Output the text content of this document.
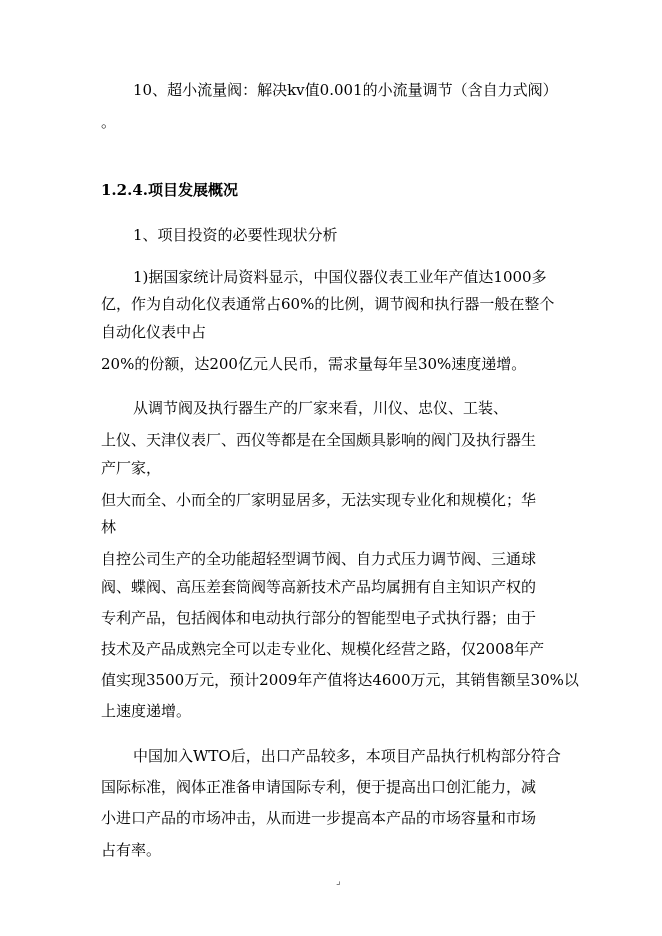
10、超小流量阀：解决kv值0.001的小流量调节（含自力式阀）
。
1.2.4.项目发展概况
1、项目投资的必要性现状分析
1)据国家统计局资料显示，中国仪器仪表工业年产值达1000多
亿，作为自动化仪表通常占60%的比例，调节阀和执行器一般在整个
自动化仪表中占
20%的份额，达200亿元人民币，需求量每年呈30%速度递增。
从调节阀及执行器生产的厂家来看，川仪、忠仪、工装、
上仪、天津仪表厂、西仪等都是在全国颇具影响的阀门及执行器生
产厂家，
但大而全、小而全的厂家明显居多，无法实现专业化和规模化；华
林
自控公司生产的全功能超轻型调节阀、自力式压力调节阀、三通球
阀、蝶阀、高压差套筒阀等高新技术产品均属拥有自主知识产权的
专利产品，包括阀体和电动执行部分的智能型电子式执行器；由于
技术及产品成熟完全可以走专业化、规模化经营之路，仅2008年产
值实现3500万元，预计2009年产值将达4600万元，其销售额呈30%以
上速度递增。
中国加入WTO后，出口产品较多，本项目产品执行机构部分符合
国际标准，阀体正准备申请国际专利，便于提高出口创汇能力，减
小进口产品的市场冲击，从而进一步提高本产品的市场容量和市场
占有率。
⌟
